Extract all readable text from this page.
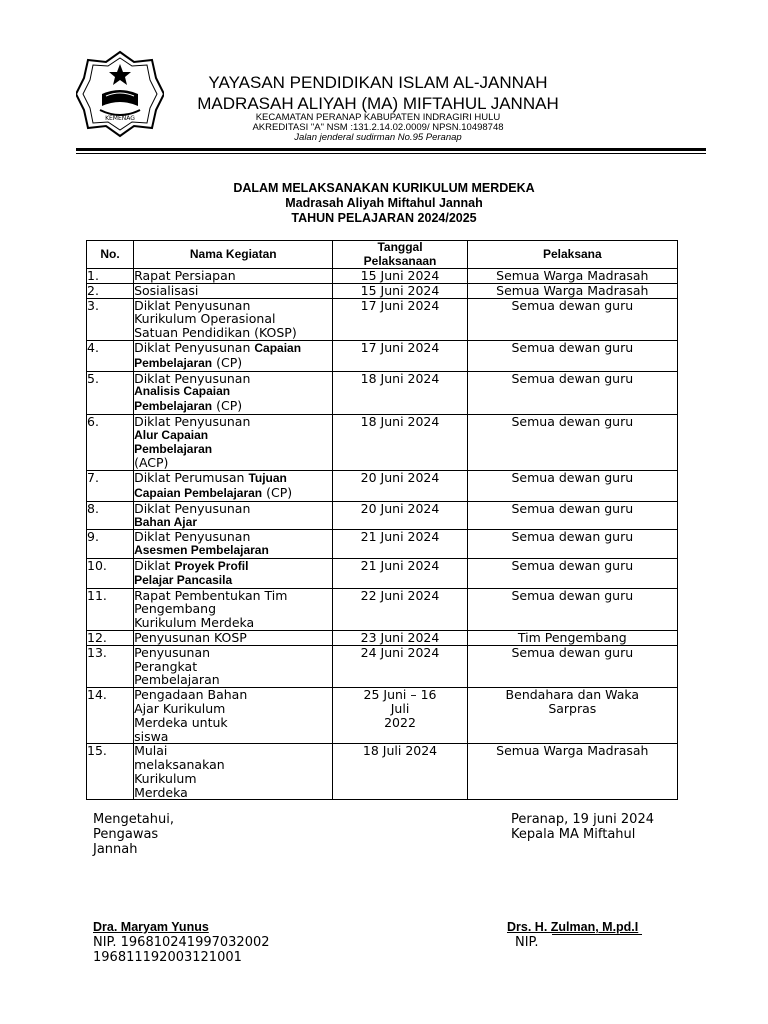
KEMENAG
YAYASAN PENDIDIKAN ISLAM AL-JANNAH
MADRASAH ALIYAH (MA) MIFTAHUL JANNAH
KECAMATAN PERANAP KABUPATEN INDRAGIRI HULU
AKREDITASI "A" NSM :131.2.14.02.0009/ NPSN.10498748
Jalan jenderal sudirman No.95 Peranap
DALAM MELAKSANAKAN KURIKULUM MERDEKA
Madrasah Aliyah Miftahul Jannah
TAHUN PELAJARAN 2024/2025
No.	Nama Kegiatan	Tanggal
Pelaksanaan	Pelaksana
1.	Rapat Persiapan	15 Juni 2024	Semua Warga Madrasah

2.	Sosialisasi	15 Juni 2024	Semua Warga Madrasah

3.	Diklat Penyusunan
Kurikulum Operasional
Satuan Pendidikan (KOSP)	17 Juni 2024	Semua dewan guru

4.	Diklat Penyusunan Capaian
Pembelajaran (CP)	17 Juni 2024	Semua dewan guru

5.	Diklat Penyusunan
Analisis Capaian
Pembelajaran (CP)	18 Juni 2024	Semua dewan guru

6.	Diklat Penyusunan
Alur Capaian
Pembelajaran
(ACP)	18 Juni 2024	Semua dewan guru

7.	Diklat Perumusan Tujuan
Capaian Pembelajaran (CP)	20 Juni 2024	Semua dewan guru

8.	Diklat Penyusunan
Bahan Ajar	20 Juni 2024	Semua dewan guru

9.	Diklat Penyusunan
Asesmen Pembelajaran	21 Juni 2024	Semua dewan guru

10.	Diklat Proyek Profil
Pelajar Pancasila	21 Juni 2024	Semua dewan guru

11.	Rapat Pembentukan Tim
Pengembang
Kurikulum Merdeka	22 Juni 2024	Semua dewan guru

12.	Penyusunan KOSP	23 Juni 2024	Tim Pengembang

13.	Penyusunan
Perangkat
Pembelajaran	24 Juni 2024	Semua dewan guru

14.	Pengadaan Bahan
Ajar Kurikulum
Merdeka untuk
siswa	25 Juni – 16
Juli
2022	Bendahara dan Waka
Sarpras

15.	Mulai
melaksanakan
Kurikulum
Merdeka	18 Juli 2024	Semua Warga Madrasah
Mengetahui,
Pengawas
Jannah
Peranap, 19 juni 2024
Kepala MA Miftahul
Dra. Maryam Yunus
NIP. 196810241997032002
196811192003121001
Drs. H. Zulman, M.pd.I
NIP.
